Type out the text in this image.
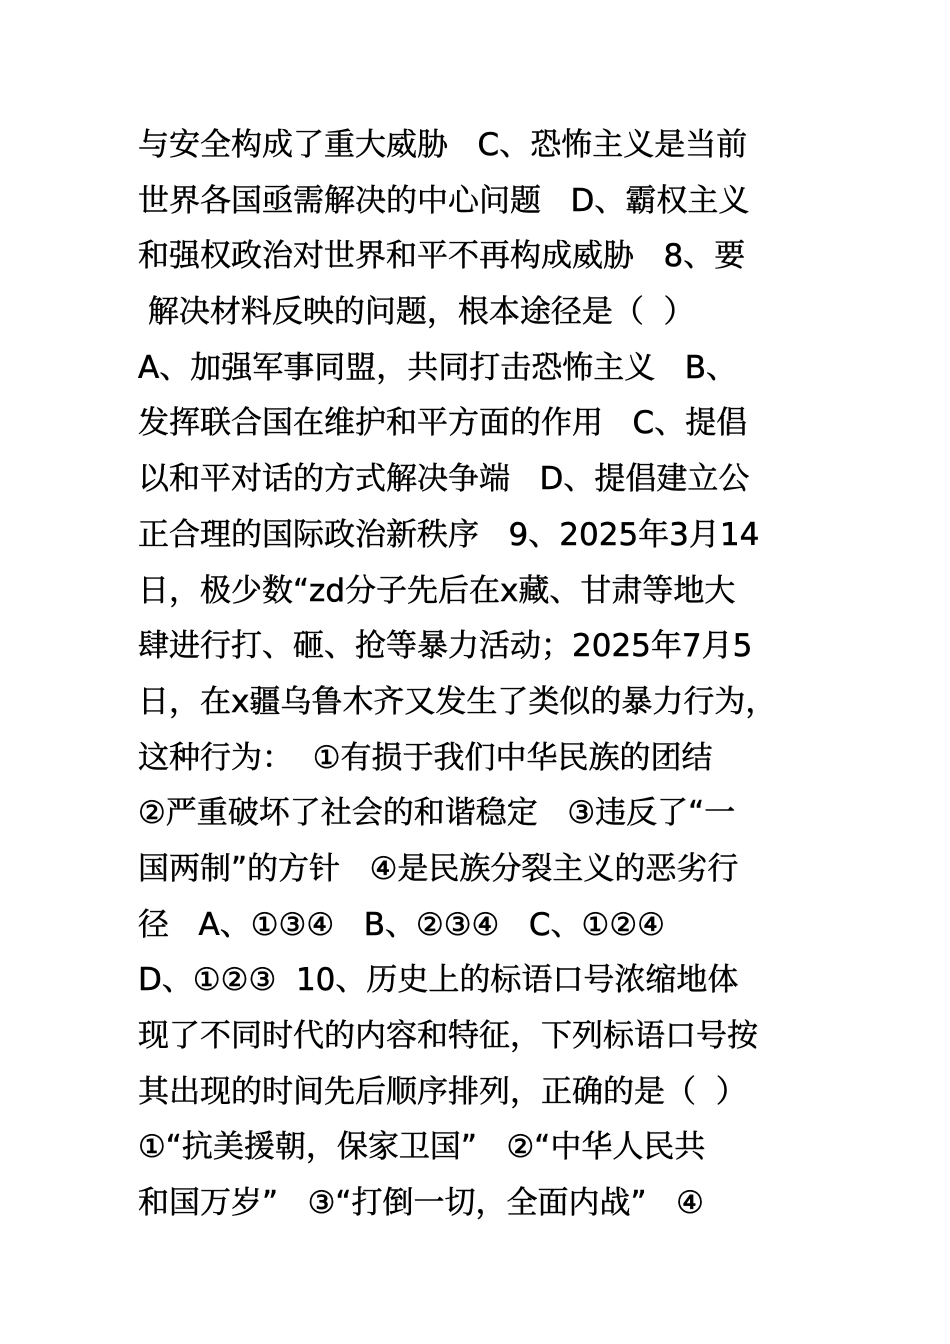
与安全构成了重大威胁   C、恐怖主义是当前
世界各国亟需解决的中心问题   D、霸权主义
和强权政治对世界和平不再构成威胁   8、要
解决材料反映的问题，根本途径是（  ）
A、加强军事同盟，共同打击恐怖主义   B、
发挥联合国在维护和平方面的作用   C、提倡
以和平对话的方式解决争端   D、提倡建立公
正合理的国际政治新秩序   9、2025年3月14
日，极少数“zd分子先后在x藏、甘肃等地大
肆进行打、砸、抢等暴力活动；2025年7月5
日，在x疆乌鲁木齐又发生了类似的暴力行为，
这种行为：  ①有损于我们中华民族的团结
②严重破坏了社会的和谐稳定   ③违反了“一
国两制”的方针   ④是民族分裂主义的恶劣行
径   A、①③④   B、②③④   C、①②④
D、①②③  10、历史上的标语口号浓缩地体
现了不同时代的内容和特征，下列标语口号按
其出现的时间先后顺序排列，正确的是（  ）
①“抗美援朝，保家卫国”   ②“中华人民共
和国万岁”   ③“打倒一切，全面内战”   ④
